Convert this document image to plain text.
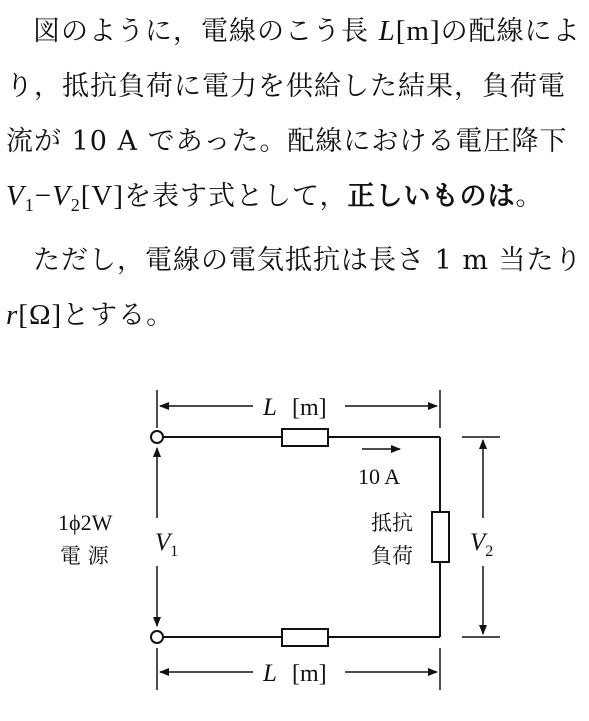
図のように，電線のこう長 L[m]の配線により，抵抗負荷に電力を供給した結果，負荷電流が 10 A であった。配線における電圧降下 $V_1-V_2[V]$を表す式として，正しいものは。

ただし，電線の電気抵抗は長さ 1 m 当たり r[Ω]とする。

L [m]
10 A
抵抗
負荷
$V_1$
1ϕ2W
電 源	$V_2$
L [m]
